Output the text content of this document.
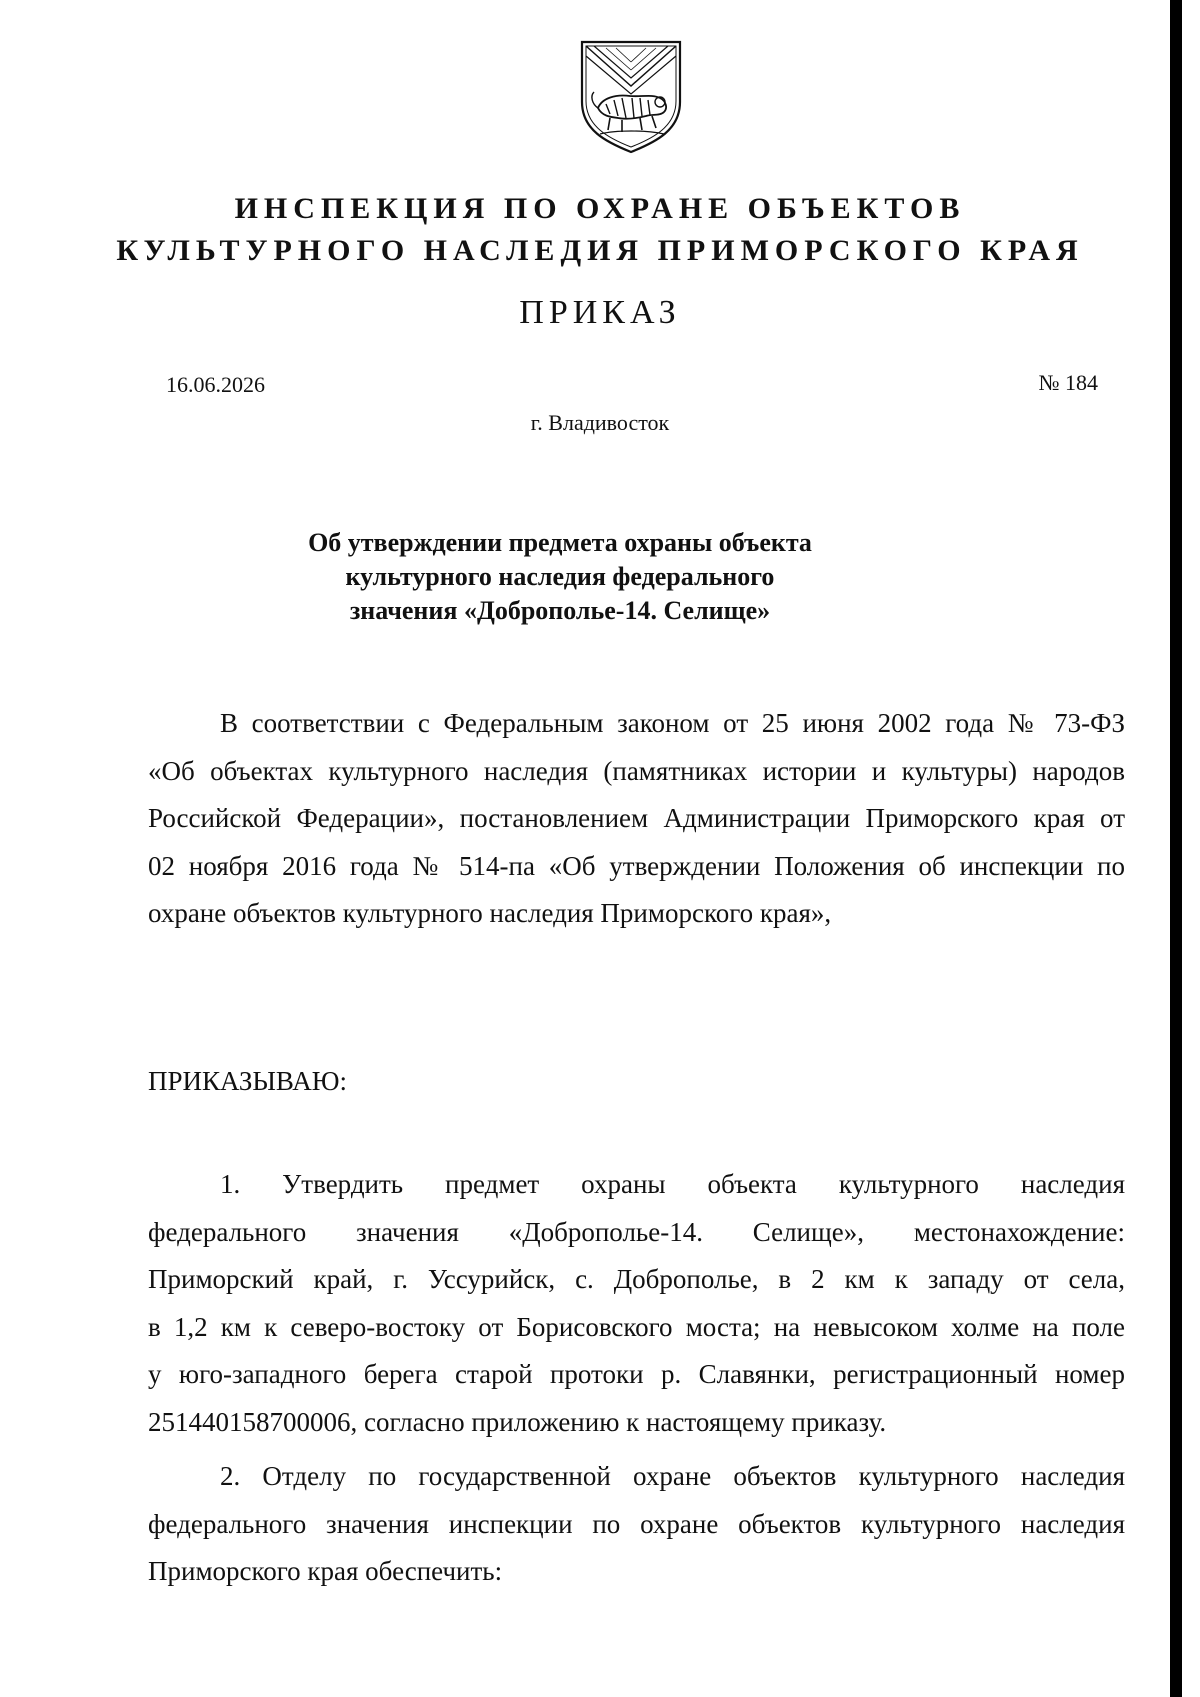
ИНСПЕКЦИЯ ПО ОХРАНЕ ОБЪЕКТОВ
КУЛЬТУРНОГО НАСЛЕДИЯ ПРИМОРСКОГО КРАЯ
ПРИКАЗ
16.06.2026	№ 184
г. Владивосток
Об утверждении предмета охраны объекта
культурного наследия федерального
значения «Доброполье-14. Селище»
В соответствии с Федеральным законом от 25 июня 2002 года № 73-ФЗ
«Об объектах культурного наследия (памятниках истории и культуры) народов
Российской Федерации», постановлением Администрации Приморского края от
02 ноября 2016 года № 514-па «Об утверждении Положения об инспекции по
охране объектов культурного наследия Приморского края»,
ПРИКАЗЫВАЮ:
1. Утвердить предмет охраны объекта культурного наследия
федерального значения «Доброполье-14. Селище», местонахождение:
Приморский край, г. Уссурийск, с. Доброполье, в 2 км к западу от села,
в 1,2 км к северо-востоку от Борисовского моста; на невысоком холме на поле
у юго-западного берега старой протоки р. Славянки, регистрационный номер
251440158700006, согласно приложению к настоящему приказу.
2. Отделу по государственной охране объектов культурного наследия
федерального значения инспекции по охране объектов культурного наследия
Приморского края обеспечить:
